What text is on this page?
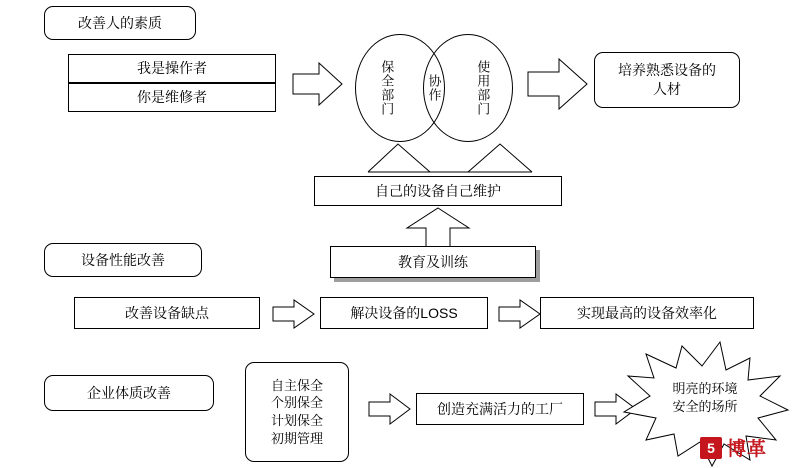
改善人的素质
我是操作者
你是维修者	保全部门	使用部门
协作
培养熟悉设备的
人材
自己的设备自己维护
设备性能改善	教育及训练
改善设备缺点	解决设备的LOSS	实现最高的设备效率化
企业体质改善	自主保全
个别保全
计划保全
初期管理
创造充满活力的工厂
明亮的环境
安全的场所
5 博革
